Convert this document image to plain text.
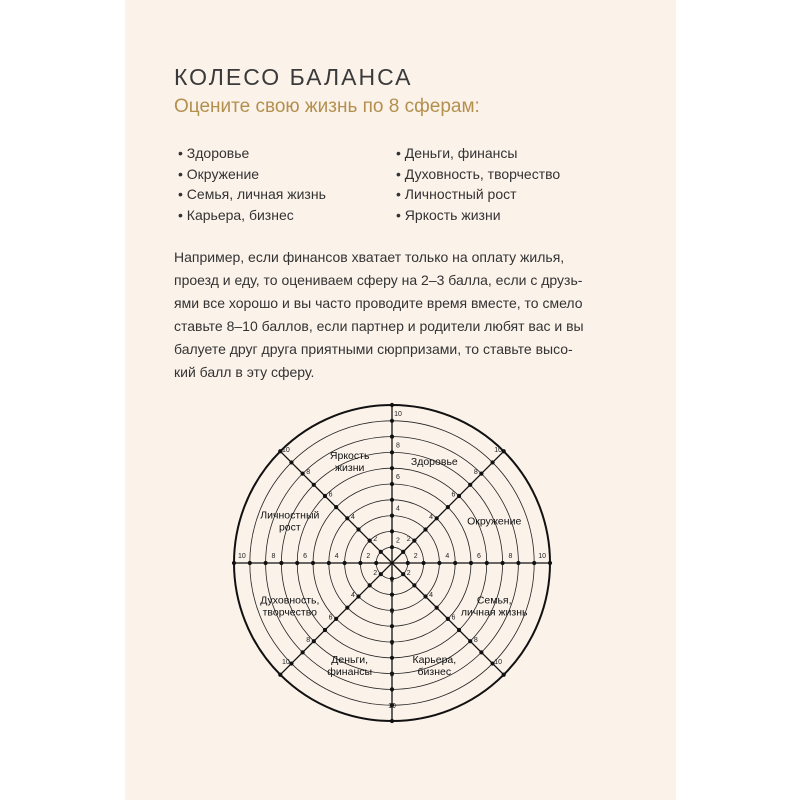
КОЛЕСО БАЛАНСА

Оцените свою жизнь по 8 сферам:

• Здоровье
• Окружение
• Семья, личная жизнь
• Карьера, бизнес
• Деньги, финансы
• Духовность, творчество
• Личностный рост
• Яркость жизни

Например, если финансов хватает только на оплату жилья,
проезд и еду, то оцениваем сферу на 2–3 балла, если с друзь-
ями все хорошо и вы часто проводите время вместе, то смело
ставьте 8–10 баллов, если партнер и родители любят вас и вы
балуете друг друга приятными сюрпризами, то ставьте высо-
кий балл в эту сферу.

2
4
6
8
10
2
4
6
8
10
2	4	6	8	10
2
4
6
8
10
2
4
6
8
10
2
4
6
8
10
2
4
6
8
10
2
4
6
8
10
Здоровье
Окружение
Семья,
личная жизнь
Карьера,
бизнес
Деньги,
финансы
Духовность,
творчество
Личностный
рост
Яркость
жизни
